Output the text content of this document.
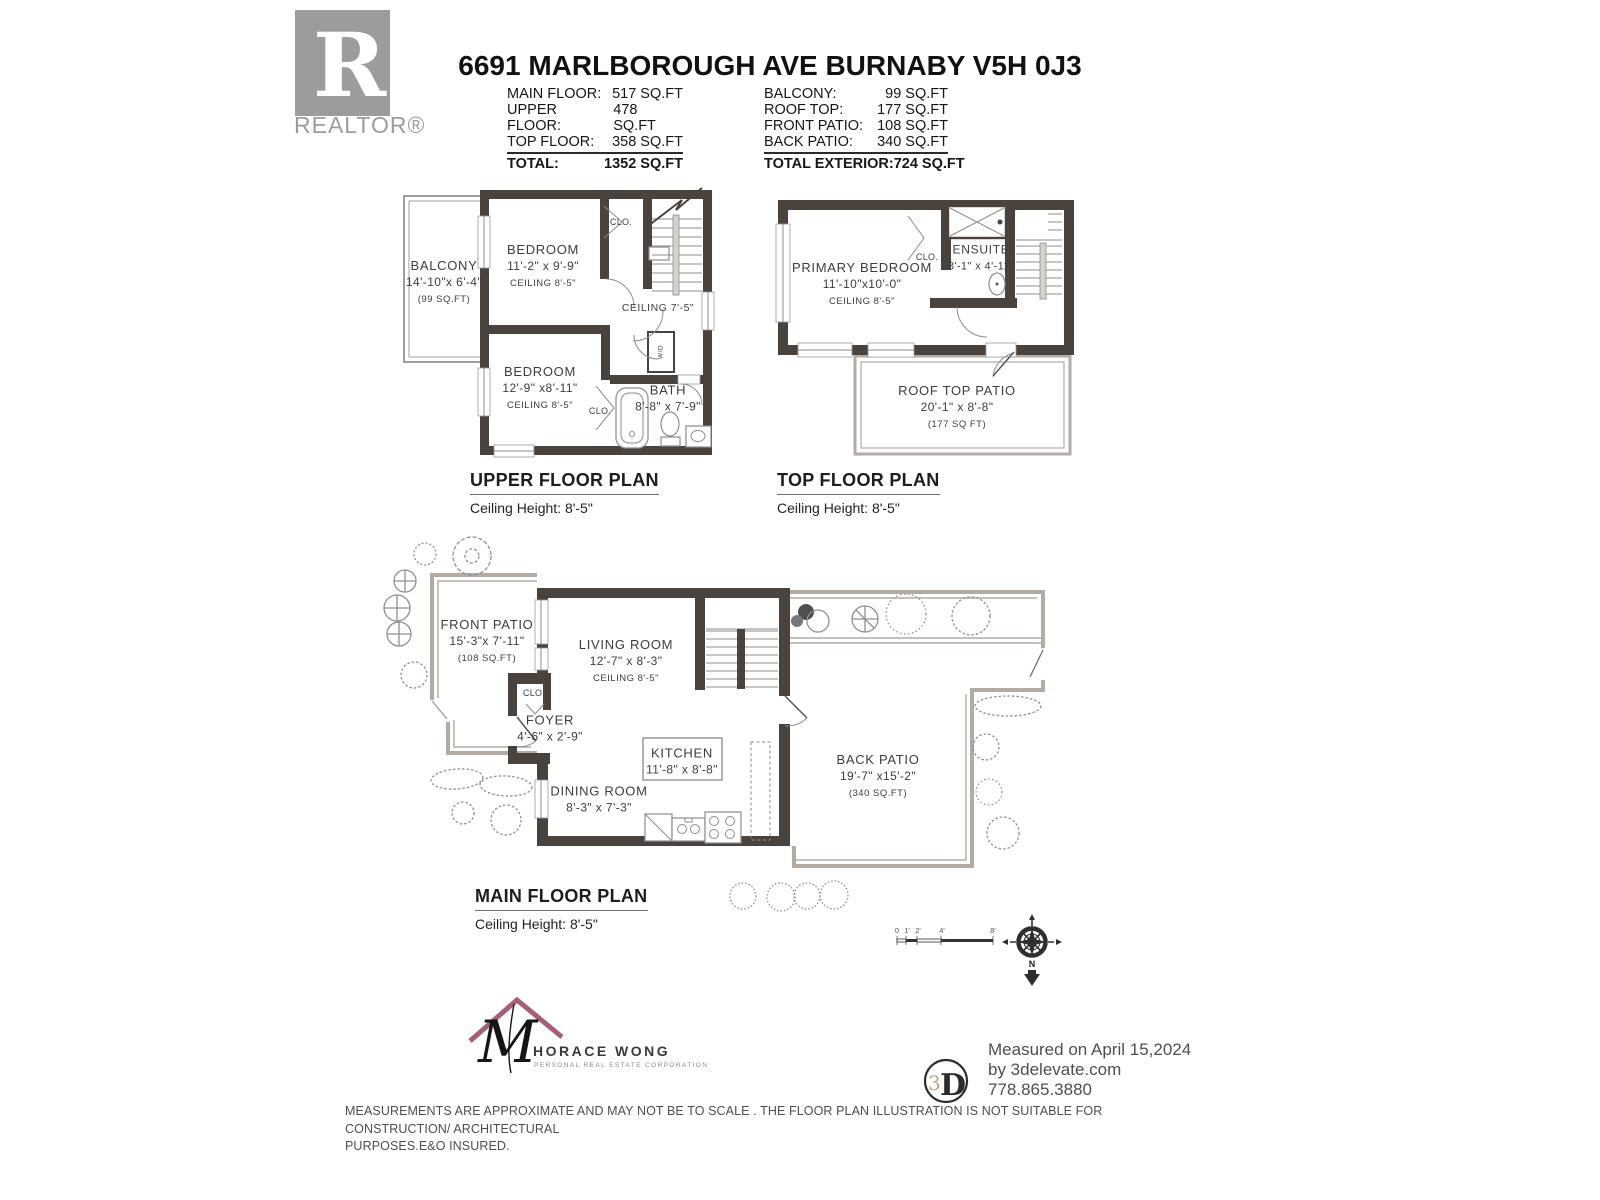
R
M
3 D
REALTOR®
6691 MARLBOROUGH AVE BURNABY V5H 0J3
MAIN FLOOR: 517 SQ.FT
UPPER FLOOR:
478 SQ.FT
TOP FLOOR: 358 SQ.FT
TOTAL:	1352 SQ.FT
BALCONY:	99 SQ.FT
ROOF TOP: 177 SQ.FT
FRONT PATIO: 108 SQ.FT
BACK PATIO: 340 SQ.FT
TOTAL EXTERIOR: 724 SQ.FT
BALCONY
14'-10"x 6'-4"
(99 SQ.FT)
BEDROOM
11'-2" x 9'-9"
CEILING 8'-5"
CLO.
CEILING 7'-5"
BEDROOM
12'-9" x8'-11"
CEILING 8'-5"	CLO.
BATH
8'-8" x 7'-9"
W/D
UPPER FLOOR PLAN
Ceiling Height: 8'-5"
PRIMARY BEDROOM
11'-10"x10'-0"
CEILING 8'-5"
CLO.
ENSUITE
8'-1" x 4'-11"
ROOF TOP PATIO
20'-1" x 8'-8"
(177 SQ FT)
TOP FLOOR PLAN
Ceiling Height: 8'-5"
FRONT PATIO
15'-3"x 7'-11"
(108 SQ.FT)
LIVING ROOM
12'-7" x 8'-3"
CEILING 8'-5"
CLO.
FOYER
4'-6" x 2'-9"
KITCHEN
11'-8" x 8'-8"
DINING ROOM
8'-3" x 7'-3"
BACK PATIO
19'-7" x15'-2"
(340 SQ.FT)
MAIN FLOOR PLAN
Ceiling Height: 8'-5"	0 1' 2' 4'	8'
N
HORACE WONG
PERSONAL REAL ESTATE CORPORATION
Measured on April 15,2024
by 3delevate.com
778.865.3880
MEASUREMENTS ARE APPROXIMATE AND MAY NOT BE TO SCALE . THE FLOOR PLAN ILLUSTRATION IS NOT SUITABLE FOR CONSTRUCTION/ ARCHITECTURAL
PURPOSES.E&O INSURED.
